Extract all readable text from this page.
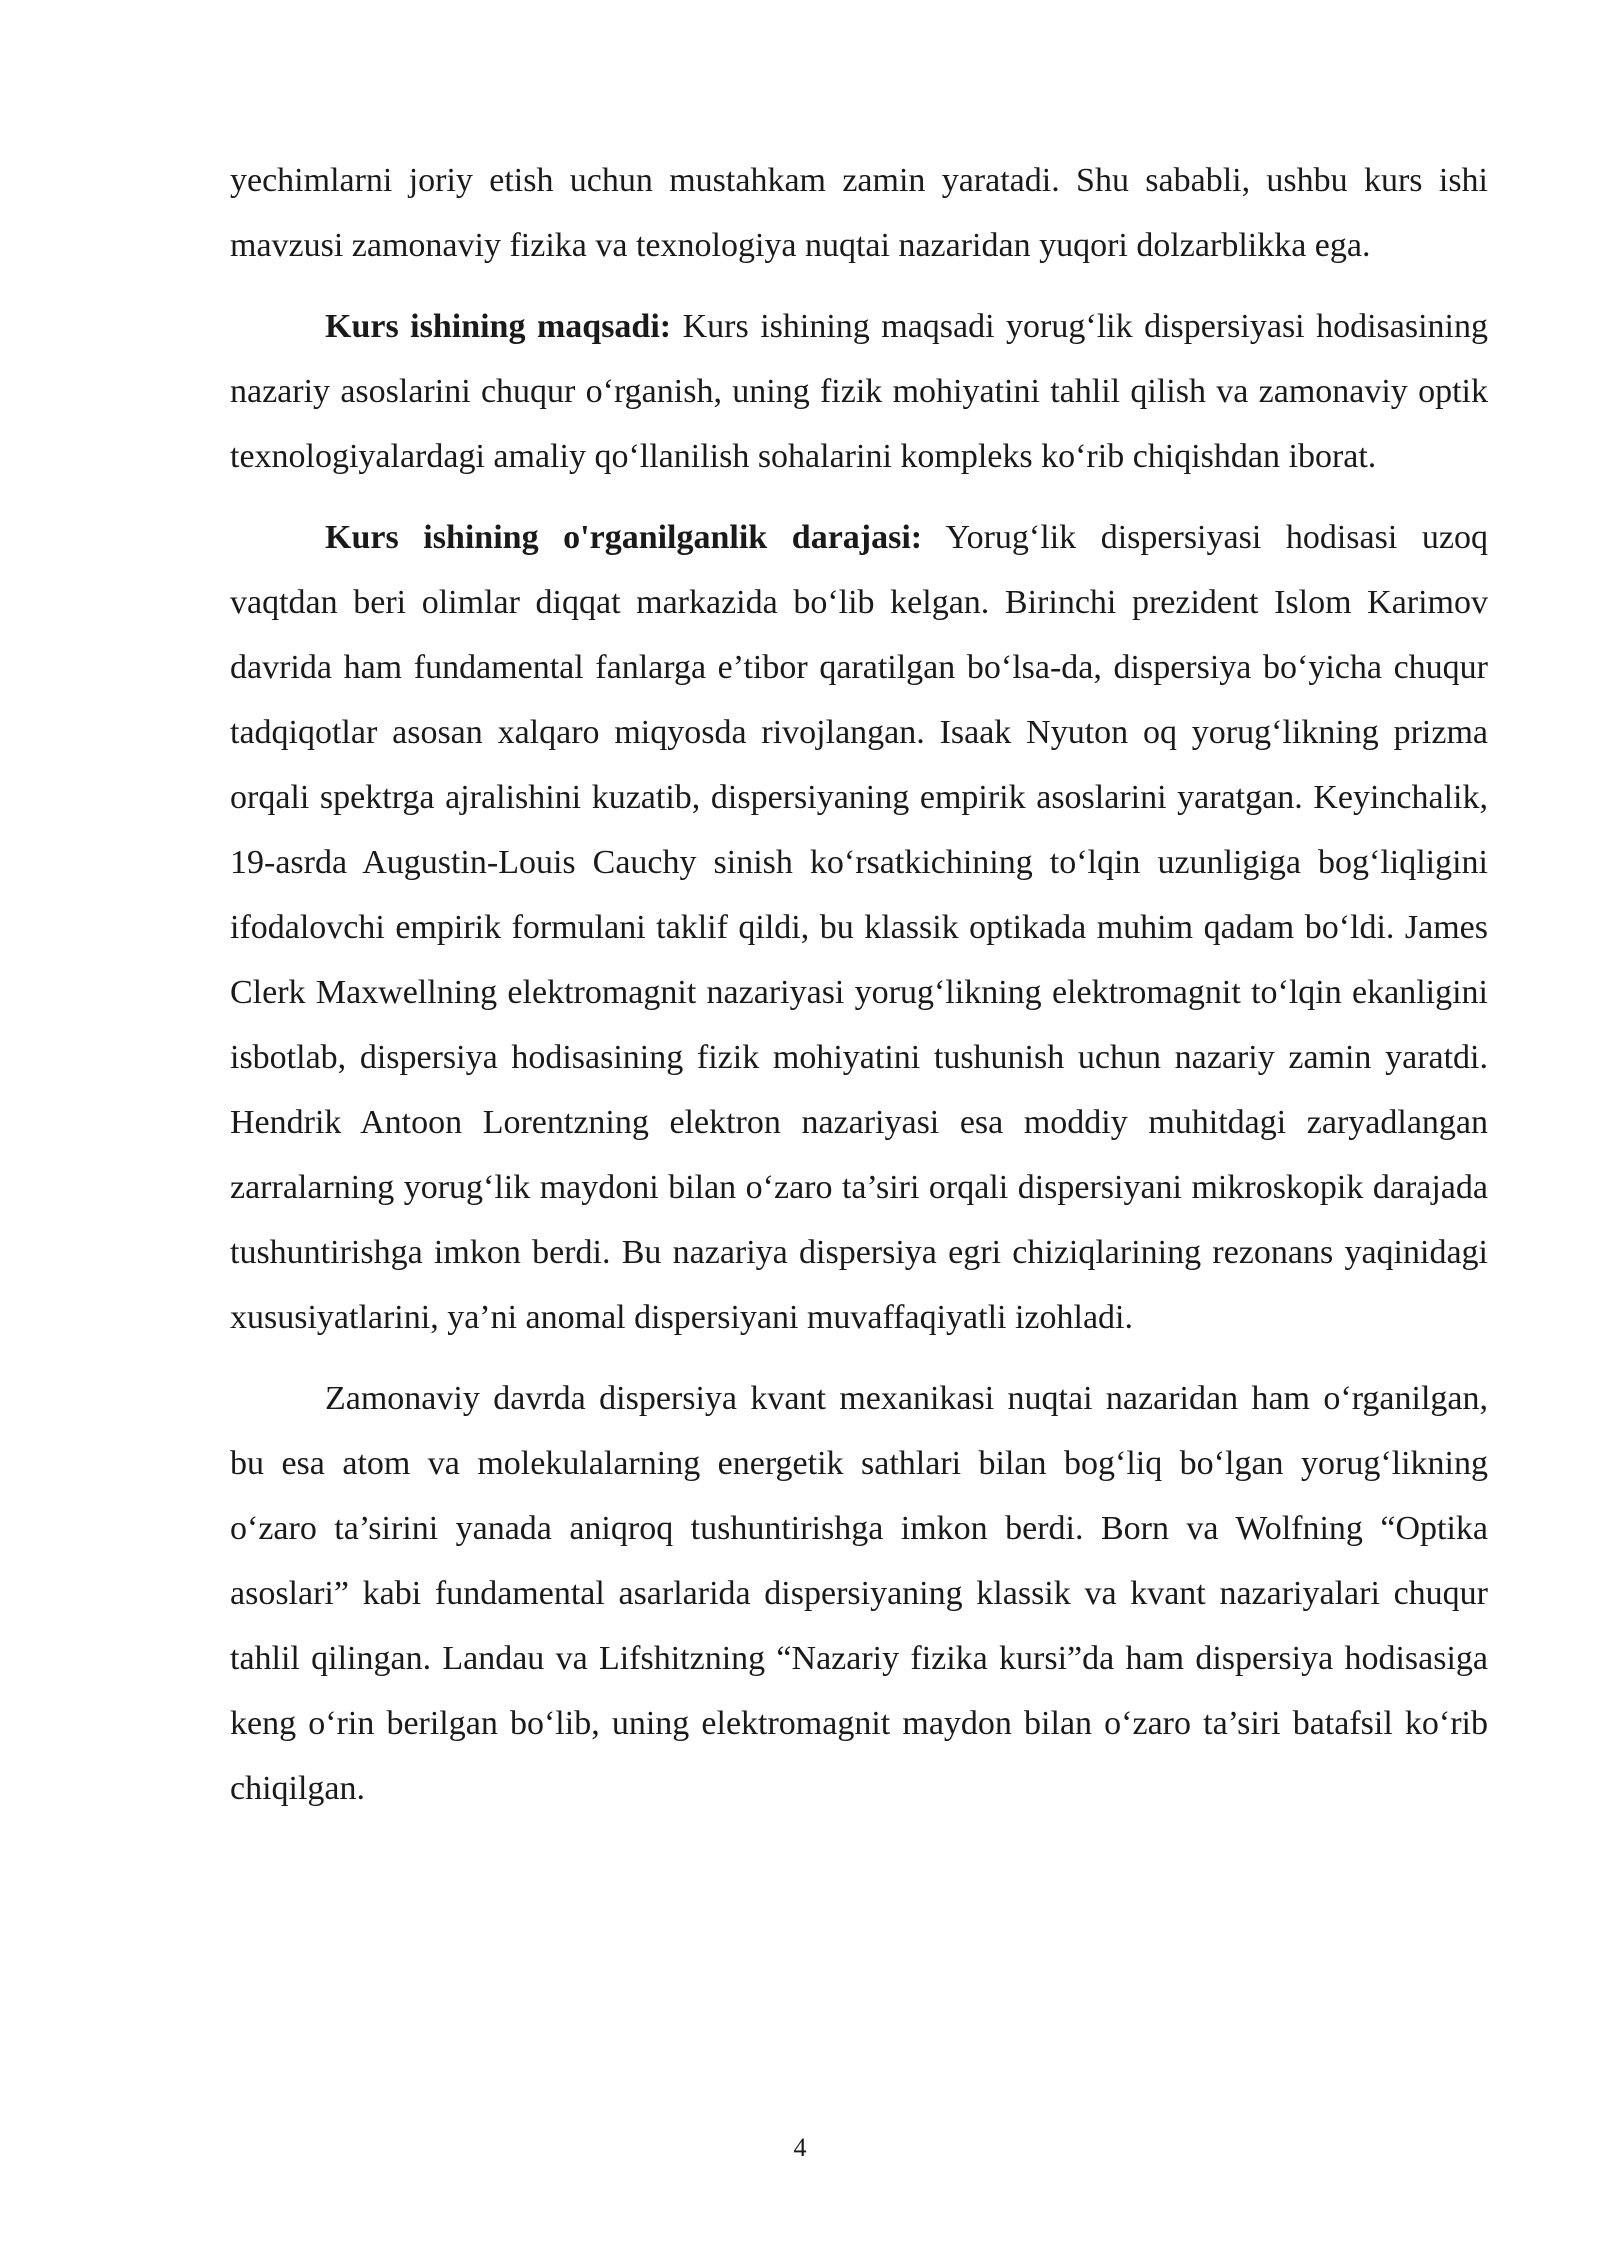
yechimlarni joriy etish uchun mustahkam zamin yaratadi. Shu sababli, ushbu kurs ishi mavzusi zamonaviy fizika va texnologiya nuqtai nazaridan yuqori dolzarblikka ega.

Kurs ishining maqsadi: Kurs ishining maqsadi yorug‘lik dispersiyasi hodisasining nazariy asoslarini chuqur o‘rganish, uning fizik mohiyatini tahlil qilish va zamonaviy optik texnologiyalardagi amaliy qo‘llanilish sohalarini kompleks ko‘rib chiqishdan iborat.

Kurs ishining o'rganilganlik darajasi: Yorug‘lik dispersiyasi hodisasi uzoq vaqtdan beri olimlar diqqat markazida bo‘lib kelgan. Birinchi prezident Islom Karimov davrida ham fundamental fanlarga e’tibor qaratilgan bo‘lsa-da, dispersiya bo‘yicha chuqur tadqiqotlar asosan xalqaro miqyosda rivojlangan. Isaak Nyuton oq yorug‘likning prizma orqali spektrga ajralishini kuzatib, dispersiyaning empirik asoslarini yaratgan. Keyinchalik, 19-asrda Augustin-Louis Cauchy sinish ko‘rsatkichining to‘lqin uzunligiga bog‘liqligini ifodalovchi empirik formulani taklif qildi, bu klassik optikada muhim qadam bo‘ldi. James Clerk Maxwellning elektromagnit nazariyasi yorug‘likning elektromagnit to‘lqin ekanligini isbotlab, dispersiya hodisasining fizik mohiyatini tushunish uchun nazariy zamin yaratdi. Hendrik Antoon Lorentzning elektron nazariyasi esa moddiy muhitdagi zaryadlangan zarralarning yorug‘lik maydoni bilan o‘zaro ta’siri orqali dispersiyani mikroskopik darajada tushuntirishga imkon berdi. Bu nazariya dispersiya egri chiziqlarining rezonans yaqinidagi xususiyatlarini, ya’ni anomal dispersiyani muvaffaqiyatli izohladi.

Zamonaviy davrda dispersiya kvant mexanikasi nuqtai nazaridan ham o‘rganilgan, bu esa atom va molekulalarning energetik sathlari bilan bog‘liq bo‘lgan yorug‘likning o‘zaro ta’sirini yanada aniqroq tushuntirishga imkon berdi. Born va Wolfning “Optika asoslari” kabi fundamental asarlarida dispersiyaning klassik va kvant nazariyalari chuqur tahlil qilingan. Landau va Lifshitzning “Nazariy fizika kursi”da ham dispersiya hodisasiga keng o‘rin berilgan bo‘lib, uning elektromagnit maydon bilan o‘zaro ta’siri batafsil ko‘rib chiqilgan.

4
